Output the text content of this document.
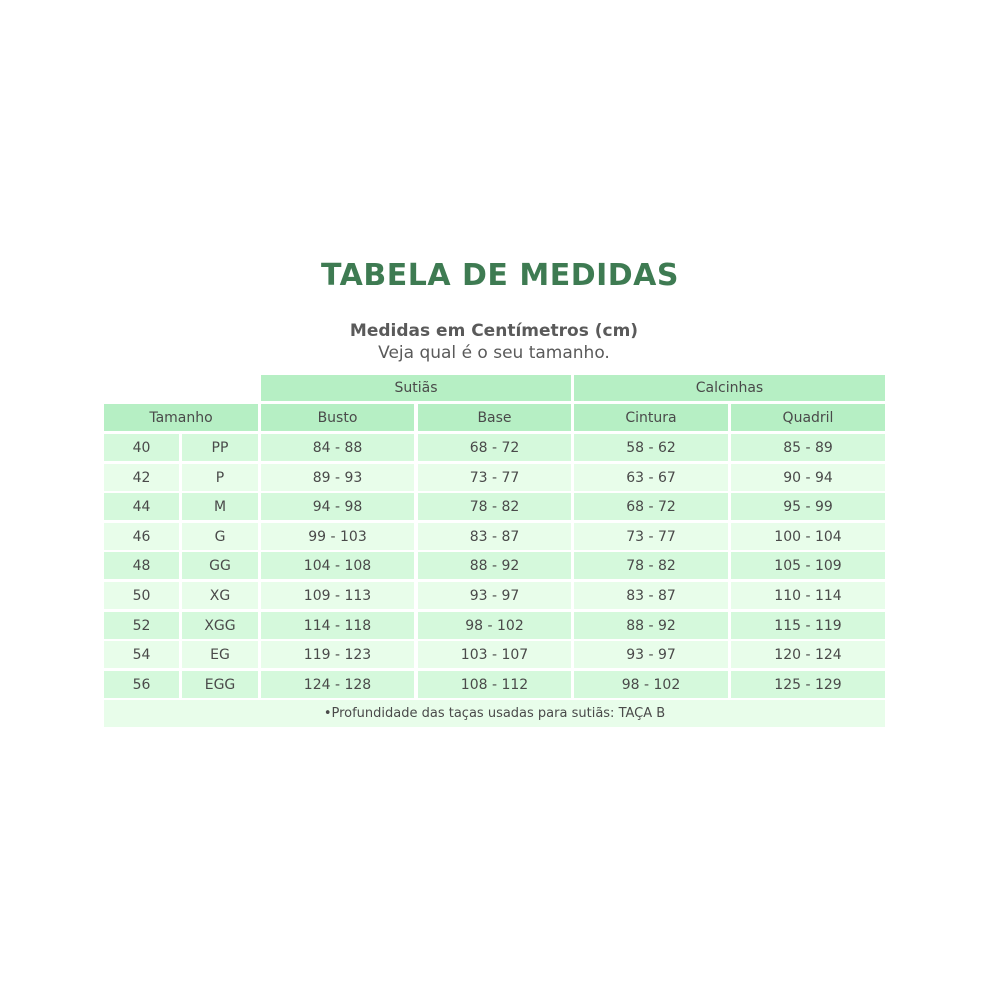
TABELA DE MEDIDAS
Medidas em Centímetros (cm)
Veja qual é o seu tamanho.
Sutiãs	Calcinhas
Tamanho	Busto	Base	Cintura	Quadril
40	PP	84 - 88	68 - 72	58 - 62	85 - 89
42	P	89 - 93	73 - 77	63 - 67	90 - 94
44	M	94 - 98	78 - 82	68 - 72	95 - 99
46	G	99 - 103	83 - 87	73 - 77	100 - 104
48	GG	104 - 108	88 - 92	78 - 82	105 - 109
50	XG	109 - 113	93 - 97	83 - 87	110 - 114
52	XGG	114 - 118	98 - 102	88 - 92	115 - 119
54	EG	119 - 123	103 - 107	93 - 97	120 - 124
56	EGG	124 - 128	108 - 112	98 - 102	125 - 129
•Profundidade das taças usadas para sutiãs: TAÇA B
